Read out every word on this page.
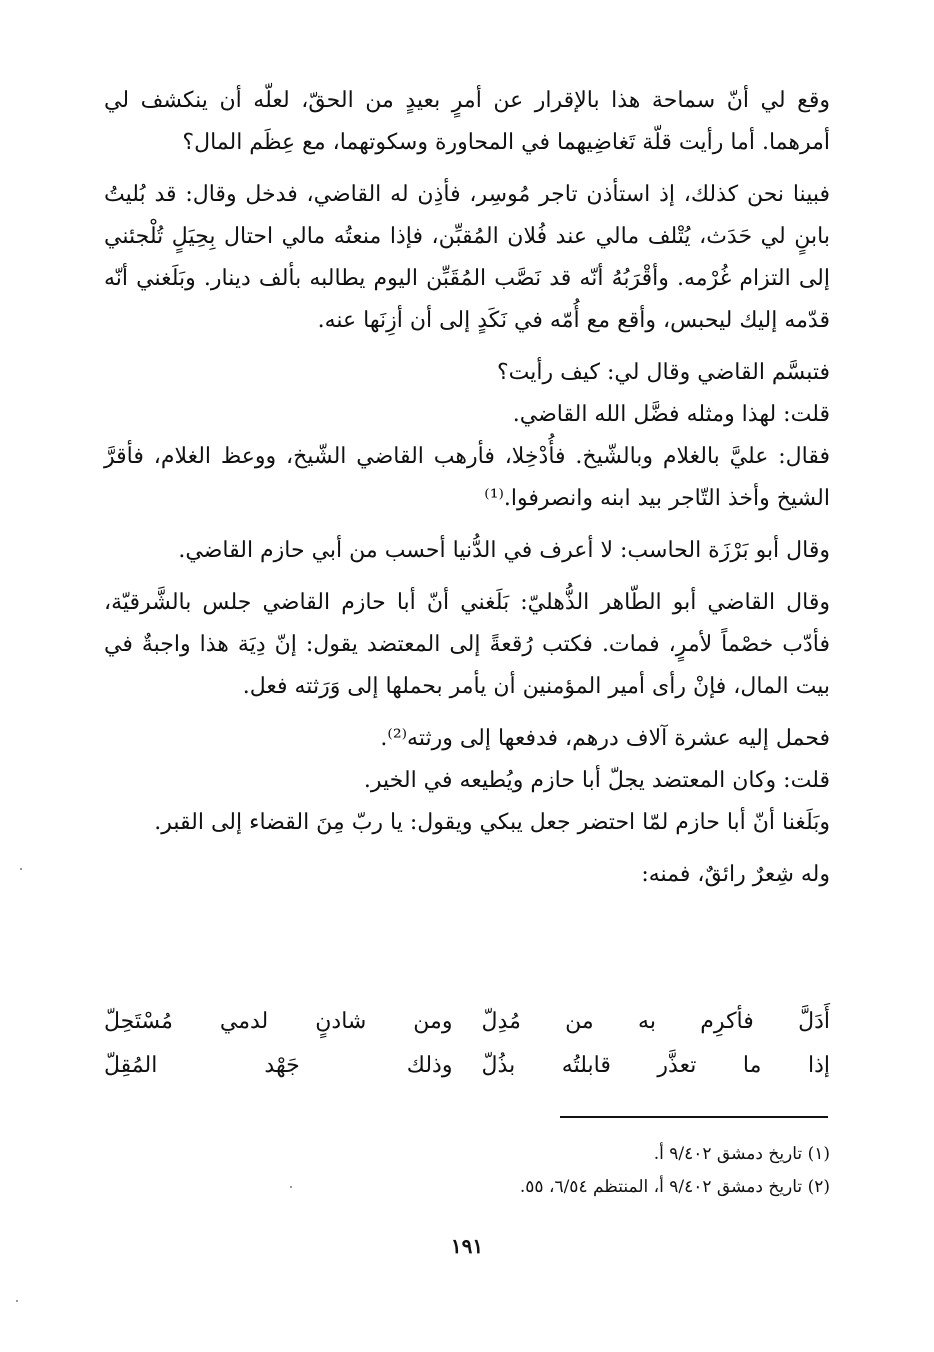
وقع لي أنّ سماحة هذا بالإقرار عن أمرٍ بعيدٍ من الحقّ، لعلّه أن ينكشف لي أمرهما. أما رأيت قلّة تَغاضِيهما في المحاورة وسكوتهما، مع عِظَم المال؟

فبينا نحن كذلك، إذ استأذن تاجر مُوسِر، فأذِن له القاضي، فدخل وقال: قد بُليتُ بابنٍ لي حَدَث، يُتْلف مالي عند فُلان المُقبِّن، فإذا منعتُه مالي احتال بِحِيَلٍ تُلْجئني إلى التزام غُرْمه. وأقْرَبُهُ أنّه قد نَصَّب المُقَبِّن اليوم يطالبه بألف دينار. وبَلَغني أنّه قدّمه إليك ليحبس، وأقع مع أُمّه في نَكَدٍ إلى أن أزِنَها عنه.

فتبسَّم القاضي وقال لي: كيف رأيت؟

قلت: لهذا ومثله فضَّل الله القاضي.

فقال: عليَّ بالغلام وبالشّيخ. فأُدْخِلا، فأرهب القاضي الشّيخ، ووعظ الغلام، فأقرَّ الشيخ وأخذ التّاجر بيد ابنه وانصرفوا.⁽¹⁾

وقال أبو بَرْزَة الحاسب: لا أعرف في الدُّنيا أحسب من أبي حازم القاضي.

وقال القاضي أبو الطّاهر الذُّهليّ: بَلَغني أنّ أبا حازم القاضي جلس بالشَّرقيّة، فأدّب خصْماً لأمرٍ، فمات. فكتب رُقعةً إلى المعتضد يقول: إنّ دِيَة هذا واجبةٌ في بيت المال، فإنْ رأى أمير المؤمنين أن يأمر بحملها إلى وَرَثته فعل.

فحمل إليه عشرة آلاف درهم، فدفعها إلى ورثته⁽²⁾.

قلت: وكان المعتضد يجلّ أبا حازم ويُطيعه في الخير.

وبَلَغنا أنّ أبا حازم لمّا احتضر جعل يبكي ويقول: يا ربّ مِنَ القضاء إلى القبر.

وله شِعرٌ رائقٌ، فمنه:

أَدَلَّ فأكرِم به من مُدِلّ
ومن شادنٍ لدمي مُسْتَحِلّ
إذا ما تعذَّر قابلتُه بذُلّ
وذلك جَهْد المُقِلّ
(١) تاريخ دمشق ٩/٤٠٢ أ.
(٢) تاريخ دمشق ٩/٤٠٢ أ، المنتظم ٦/٥٤، ٥٥.
١٩١
